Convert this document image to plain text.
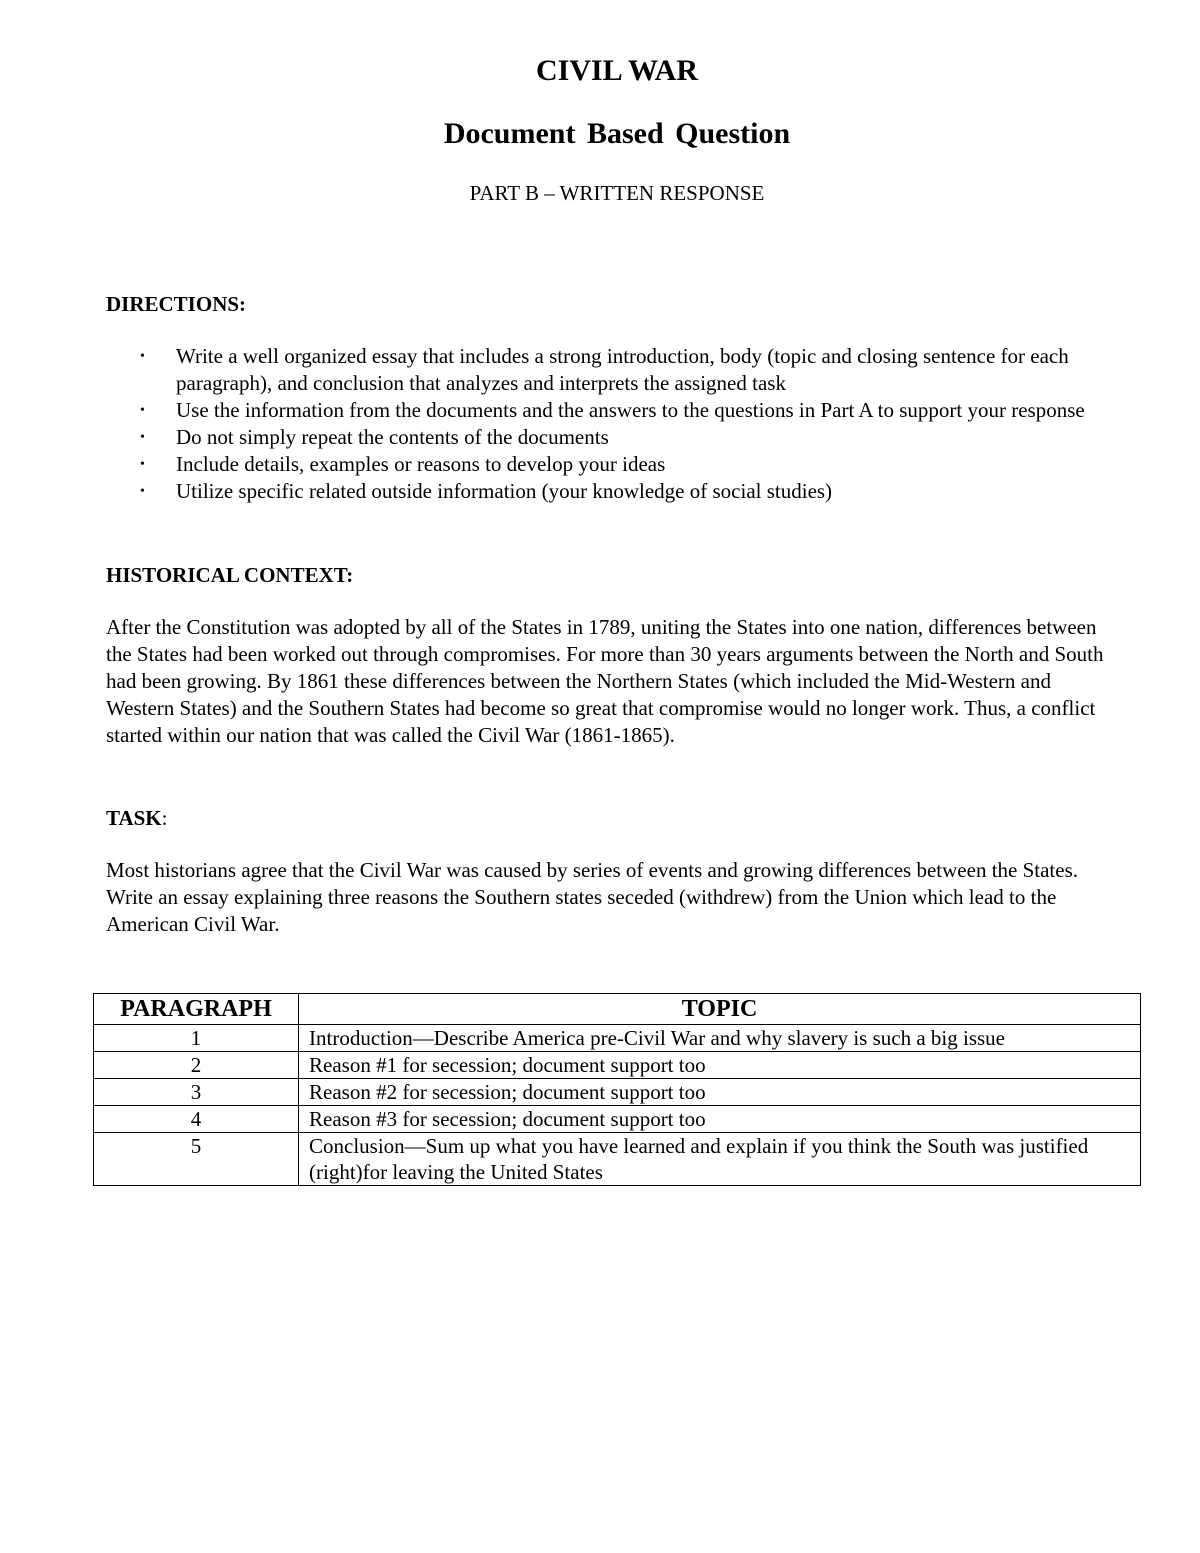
CIVIL WAR
Document Based Question
PART B – WRITTEN RESPONSE
DIRECTIONS:
• Write a well organized essay that includes a strong introduction, body (topic and closing sentence for each paragraph), and conclusion that analyzes and interprets the assigned task
• Use the information from the documents and the answers to the questions in Part A to support your response
• Do not simply repeat the contents of the documents
• Include details, examples or reasons to develop your ideas
• Utilize specific related outside information (your knowledge of social studies)
HISTORICAL CONTEXT:

After the Constitution was adopted by all of the States in 1789, uniting the States into one nation, differences between the States had been worked out through compromises. For more than 30 years arguments between the North and South had been growing. By 1861 these differences between the Northern States (which included the Mid-Western and Western States) and the Southern States had become so great that compromise would no longer work. Thus, a conflict started within our nation that was called the Civil War (1861-1865).

TASK:

Most historians agree that the Civil War was caused by series of events and growing differences between the States. Write an essay explaining three reasons the Southern states seceded (withdrew) from the Union which lead to the American Civil War.

PARAGRAPH	TOPIC
1	Introduction—Describe America pre-Civil War and why slavery is such a big issue
2	Reason #1 for secession; document support too
3	Reason #2 for secession; document support too
4	Reason #3 for secession; document support too
5	Conclusion—Sum up what you have learned and explain if you think the South was justified (right)for leaving the United States
